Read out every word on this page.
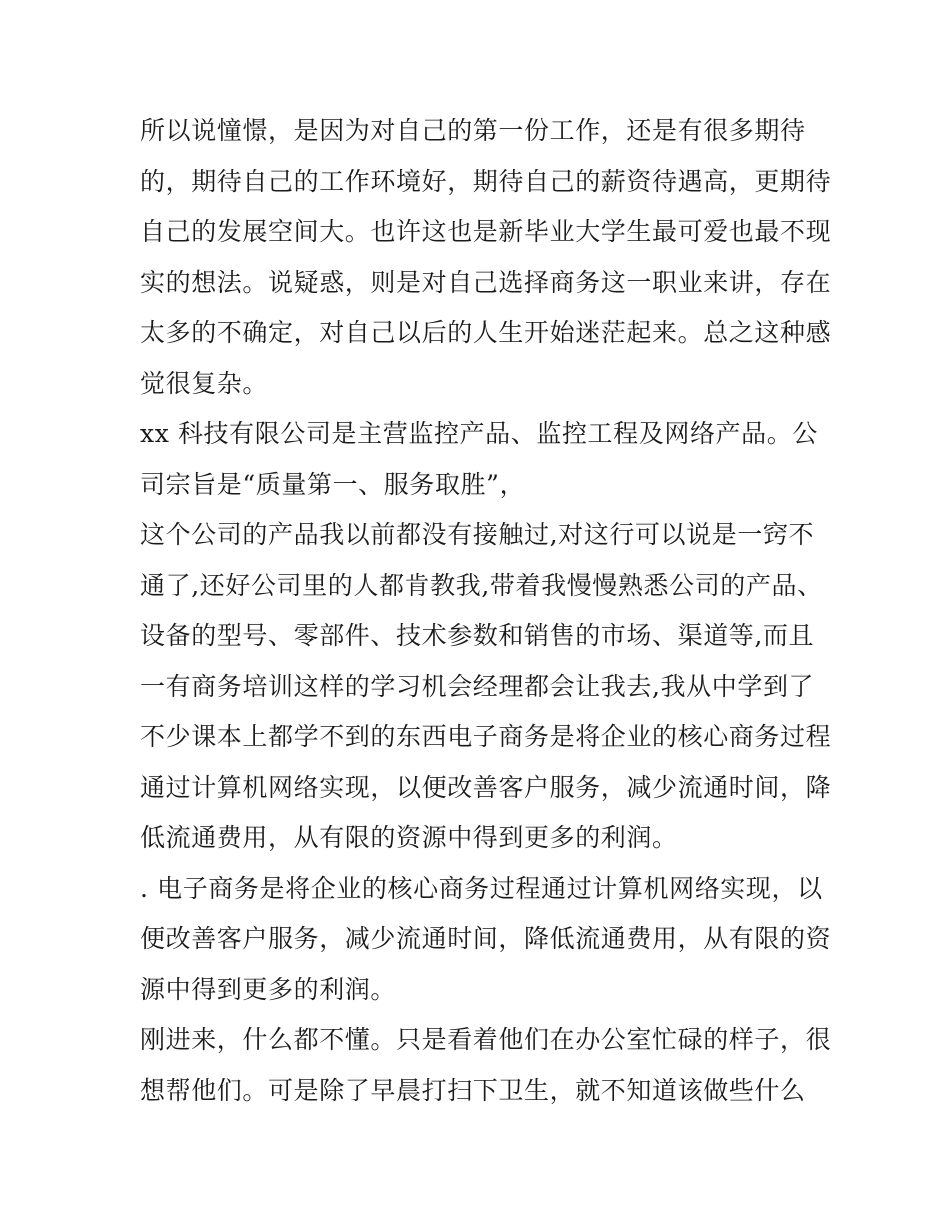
所以说憧憬，是因为对自己的第一份工作，还是有很多期待
的，期待自己的工作环境好，期待自己的薪资待遇高，更期待
自己的发展空间大。也许这也是新毕业大学生最可爱也最不现
实的想法。说疑惑，则是对自己选择商务这一职业来讲，存在
太多的不确定，对自己以后的人生开始迷茫起来。总之这种感
觉很复杂。
xx 科技有限公司是主营监控产品、监控工程及网络产品。公
司宗旨是“质量第一、服务取胜”，
这个公司的产品我以前都没有接触过,对这行可以说是一窍不
通了,还好公司里的人都肯教我,带着我慢慢熟悉公司的产品、
设备的型号、零部件、技术参数和销售的市场、渠道等,而且
一有商务培训这样的学习机会经理都会让我去,我从中学到了
不少课本上都学不到的东西电子商务是将企业的核心商务过程
通过计算机网络实现，以便改善客户服务，减少流通时间，降
低流通费用，从有限的资源中得到更多的利润。
. 电子商务是将企业的核心商务过程通过计算机网络实现，以
便改善客户服务，减少流通时间，降低流通费用，从有限的资
源中得到更多的利润。
刚进来，什么都不懂。只是看着他们在办公室忙碌的样子，很
想帮他们。可是除了早晨打扫下卫生，就不知道该做些什么
